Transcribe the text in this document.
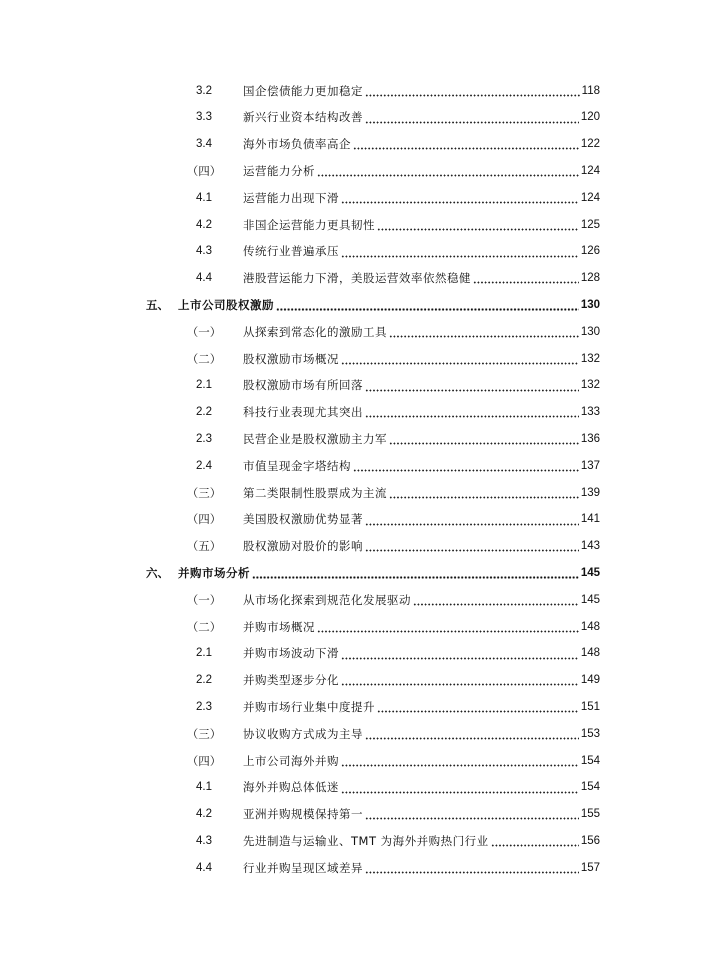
3.2	国企偿债能力更加稳定	118
3.3	新兴行业资本结构改善	120
3.4	海外市场负债率高企	122
（四）	运营能力分析	124
4.1	运营能力出现下滑	124
4.2	非国企运营能力更具韧性	125
4.3	传统行业普遍承压	126
4.4	港股营运能力下滑，美股运营效率依然稳健	128
五、 上市公司股权激励	130
（一）	从探索到常态化的激励工具	130
（二）	股权激励市场概况	132
2.1	股权激励市场有所回落	132
2.2	科技行业表现尤其突出	133
2.3	民营企业是股权激励主力军	136
2.4	市值呈现金字塔结构	137
（三）	第二类限制性股票成为主流	139
（四）	美国股权激励优势显著	141
（五）	股权激励对股价的影响	143
六、 并购市场分析	145
（一）	从市场化探索到规范化发展驱动	145
（二）	并购市场概况	148
2.1	并购市场波动下滑	148
2.2	并购类型逐步分化	149
2.3	并购市场行业集中度提升	151
（三）	协议收购方式成为主导	153
（四）	上市公司海外并购	154
4.1	海外并购总体低迷	154
4.2	亚洲并购规模保持第一	155
4.3	先进制造与运输业、TMT 为海外并购热门行业	156
4.4	行业并购呈现区域差异	157
